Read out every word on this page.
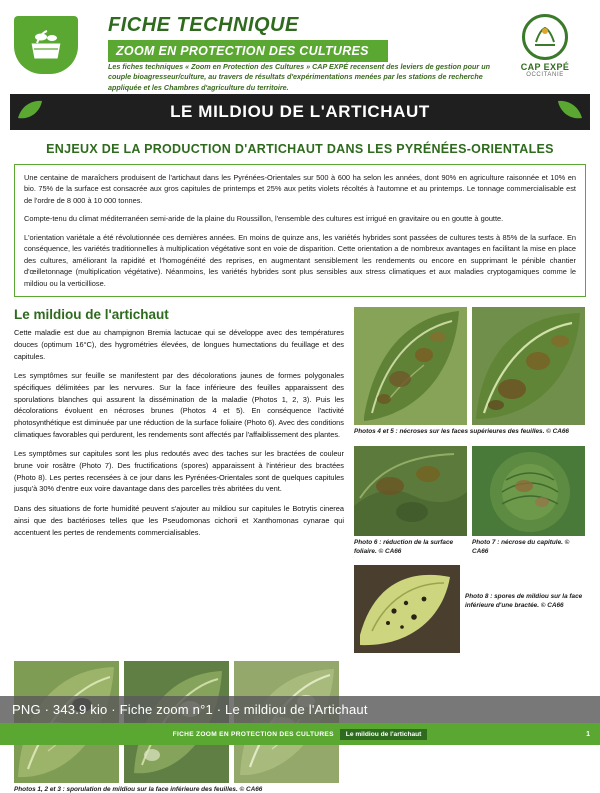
FICHE TECHNIQUE
ZOOM EN PROTECTION DES CULTURES
Les fiches techniques « Zoom en Protection des Cultures » CAP EXPÉ recensent des leviers de gestion pour un couple bioagresseur/culture, au travers de résultats d'expérimentations menées par les stations de recherche appliquée et les Chambres d'agriculture du territoire.
CAP EXPÉ
OCCITANIE
LE MILDIOU DE L'ARTICHAUT
ENJEUX DE LA PRODUCTION D'ARTICHAUT DANS LES PYRÉNÉES-ORIENTALES

Une centaine de maraîchers produisent de l'artichaut dans les Pyrénées-Orientales sur 500 à 600 ha selon les années, dont 90% en agriculture raisonnée et 10% en bio. 75% de la surface est consacrée aux gros capitules de printemps et 25% aux petits violets récoltés à l'automne et au printemps. Le tonnage commercialisable est de l'ordre de 8 000 à 10 000 tonnes.

Compte-tenu du climat méditerranéen semi-aride de la plaine du Roussillon, l'ensemble des cultures est irrigué en gravitaire ou en goutte à goutte.

L'orientation variétale a été révolutionnée ces dernières années. En moins de quinze ans, les variétés hybrides sont passées de cultures tests à 85% de la surface. En conséquence, les variétés traditionnelles à multiplication végétative sont en voie de disparition. Cette orientation a de nombreux avantages en facilitant la mise en place des cultures, améliorant la rapidité et l'homogénéité des reprises, en augmentant sensiblement les rendements ou encore en supprimant le pénible chantier d'œilletonnage (multiplication végétative). Néanmoins, les variétés hybrides sont plus sensibles aux stress climatiques et aux maladies cryptogamiques comme le mildiou ou la verticilliose.

Le mildiou de l'artichaut

Cette maladie est due au champignon Bremia lactucae qui se développe avec des températures douces (optimum 16°C), des hygrométries élevées, de longues humectations du feuillage et des capitules.

Les symptômes sur feuille se manifestent par des décolorations jaunes de formes polygonales spécifiques délimitées par les nervures. Sur la face inférieure des feuilles apparaissent des sporulations blanches qui assurent la dissémination de la maladie (Photos 1, 2, 3). Puis les décolorations évoluent en nécroses brunes (Photos 4 et 5). En conséquence l'activité photosynthétique est diminuée par une réduction de la surface foliaire (Photo 6). Avec des conditions climatiques favorables qui perdurent, les rendements sont affectés par l'affaiblissement des plantes.

Les symptômes sur capitules sont les plus redoutés avec des taches sur les bractées de couleur brune voir rosâtre (Photo 7). Des fructifications (spores) apparaissent à l'intérieur des bractées (Photo 8). Les pertes recensées à ce jour dans les Pyrénées-Orientales sont de quelques capitules jusqu'à 30% d'entre eux voire davantage dans des parcelles très abritées du vent.

Dans des situations de forte humidité peuvent s'ajouter au mildiou sur capitules le Botrytis cinerea ainsi que des bactérioses telles que les Pseudomonas cichorii et Xanthomonas cynarae qui accentuent les pertes de rendements commercialisables.

Photos 4 et 5 : nécroses sur les faces supérieures des feuilles. © CA66
Photo 6 : réduction de la surface foliaire. © CA66
Photo 7 : nécrose du capitule. © CA66
Photo 8 : spores de mildiou sur la face inférieure d'une bractée. © CA66
Photos 1, 2 et 3 : sporulation de mildiou sur la face inférieure des feuilles. © CA66
PNG · 343.9 kio · Fiche zoom n°1 · Le mildiou de l'Artichaut
FICHE ZOOM EN PROTECTION DES CULTURES	Le mildiou de l'artichaut	1
